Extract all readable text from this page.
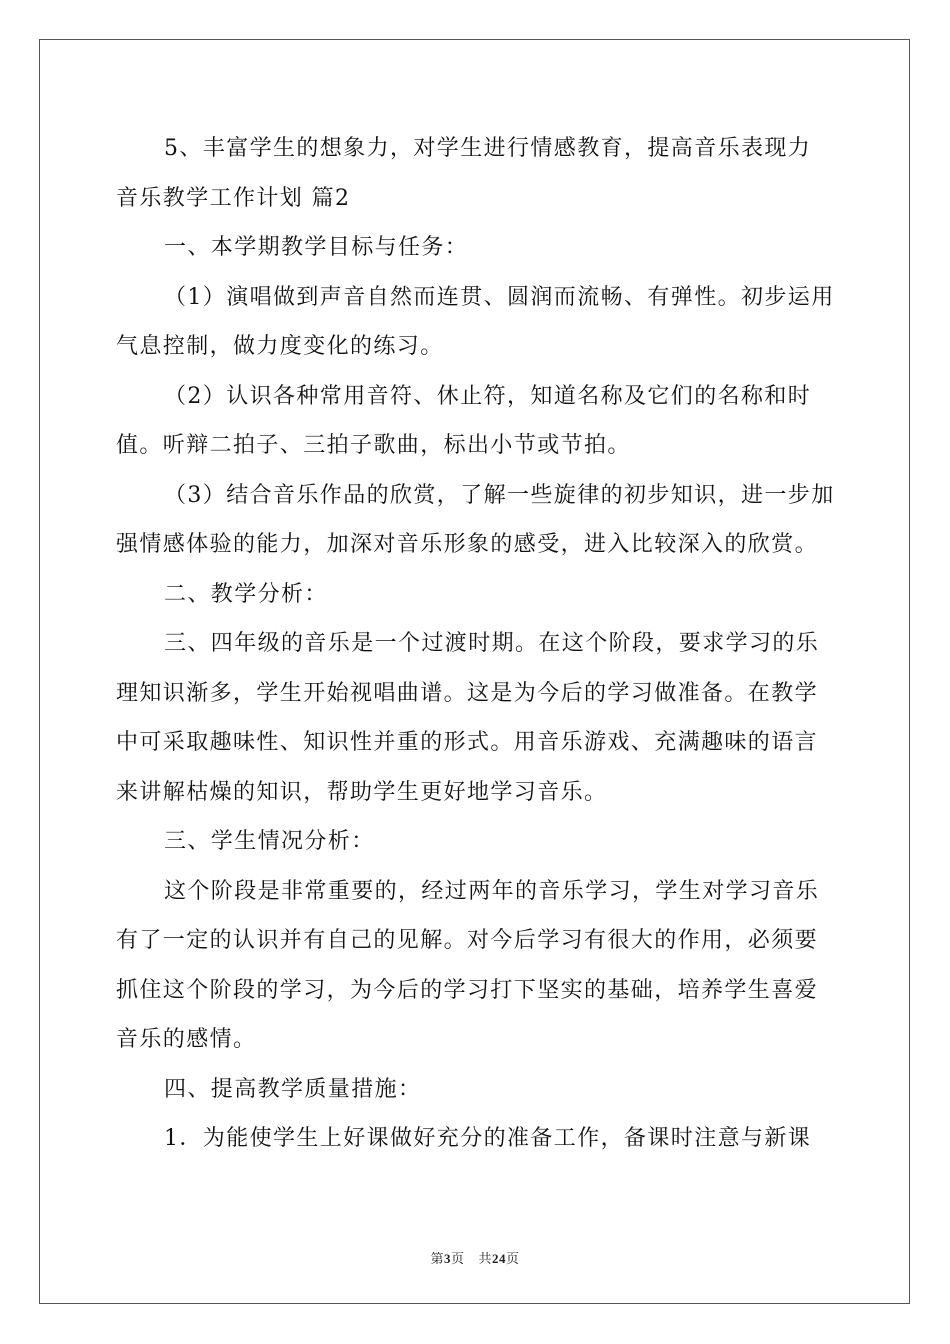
5、丰富学生的想象力，对学生进行情感教育，提高音乐表现力

音乐教学工作计划 篇2

一、本学期教学目标与任务：

（1）演唱做到声音自然而连贯、圆润而流畅、有弹性。初步运用气息控制，做力度变化的练习。

（2）认识各种常用音符、休止符，知道名称及它们的名称和时值。听辩二拍子、三拍子歌曲，标出小节或节拍。

（3）结合音乐作品的欣赏，了解一些旋律的初步知识，进一步加强情感体验的能力，加深对音乐形象的感受，进入比较深入的欣赏。

二、教学分析：

三、四年级的音乐是一个过渡时期。在这个阶段，要求学习的乐理知识渐多，学生开始视唱曲谱。这是为今后的学习做准备。在教学中可采取趣味性、知识性并重的形式。用音乐游戏、充满趣味的语言来讲解枯燥的知识，帮助学生更好地学习音乐。

三、学生情况分析：

这个阶段是非常重要的，经过两年的音乐学习，学生对学习音乐有了一定的认识并有自己的见解。对今后学习有很大的作用，必须要抓住这个阶段的学习，为今后的学习打下坚实的基础，培养学生喜爱音乐的感情。

四、提高教学质量措施：

1．为能使学生上好课做好充分的准备工作，备课时注意与新课

第3页 共24页
